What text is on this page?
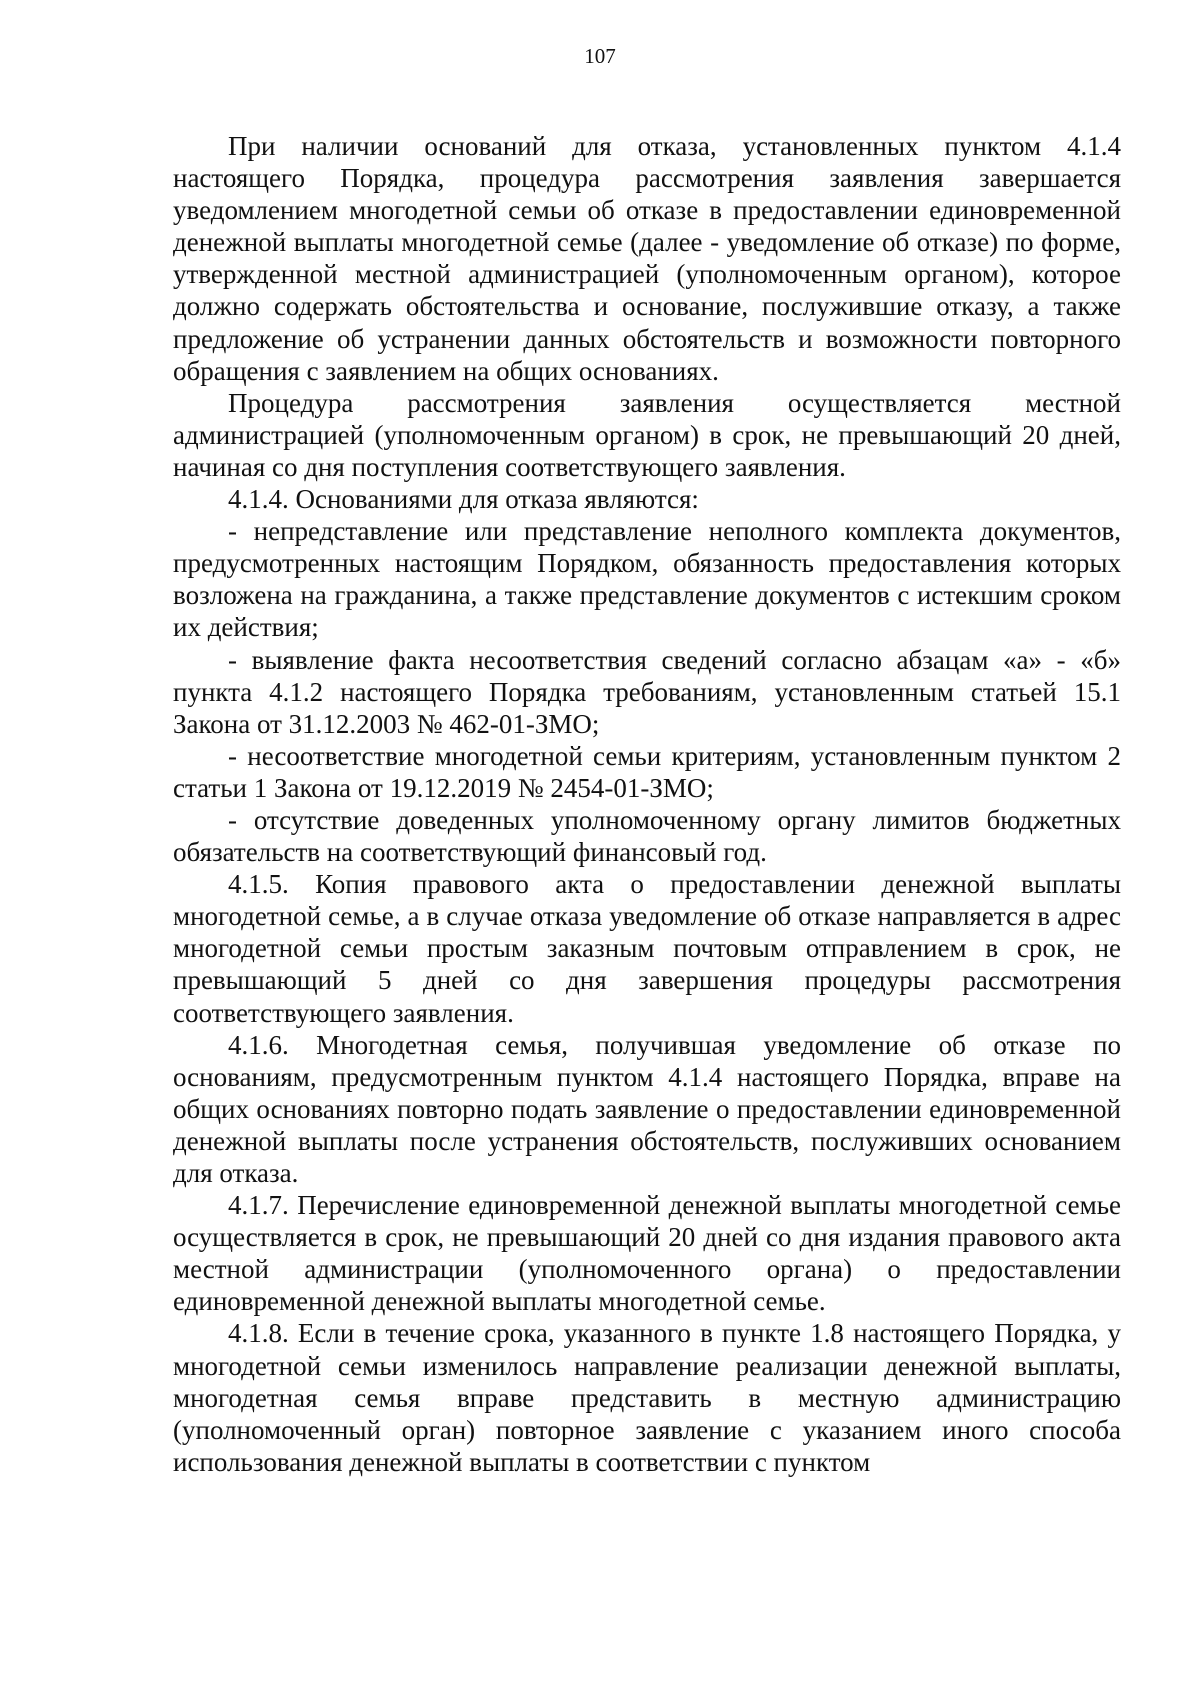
107

При наличии оснований для отказа, установленных пунктом 4.1.4 настоящего Порядка, процедура рассмотрения заявления завершается уведомлением многодетной семьи об отказе в предоставлении единовременной денежной выплаты многодетной семье (далее - уведомление об отказе) по форме, утвержденной местной администрацией (уполномоченным органом), которое должно содержать обстоятельства и основание, послужившие отказу, а также предложение об устранении данных обстоятельств и возможности повторного обращения с заявлением на общих основаниях.

Процедура рассмотрения заявления осуществляется местной администрацией (уполномоченным органом) в срок, не превышающий 20 дней, начиная со дня поступления соответствующего заявления.

4.1.4. Основаниями для отказа являются:

- непредставление или представление неполного комплекта документов, предусмотренных настоящим Порядком, обязанность предоставления которых возложена на гражданина, а также представление документов с истекшим сроком их действия;

- выявление факта несоответствия сведений согласно абзацам «а» - «б» пункта 4.1.2 настоящего Порядка требованиям, установленным статьей 15.1 Закона от 31.12.2003 № 462-01-ЗМО;

- несоответствие многодетной семьи критериям, установленным пунктом 2 статьи 1 Закона от 19.12.2019 № 2454-01-ЗМО;

- отсутствие доведенных уполномоченному органу лимитов бюджетных обязательств на соответствующий финансовый год.

4.1.5. Копия правового акта о предоставлении денежной выплаты многодетной семье, а в случае отказа уведомление об отказе направляется в адрес многодетной семьи простым заказным почтовым отправлением в срок, не превышающий 5 дней со дня завершения процедуры рассмотрения соответствующего заявления.

4.1.6. Многодетная семья, получившая уведомление об отказе по основаниям, предусмотренным пунктом 4.1.4 настоящего Порядка, вправе на общих основаниях повторно подать заявление о предоставлении единовременной денежной выплаты после устранения обстоятельств, послуживших основанием для отказа.

4.1.7. Перечисление единовременной денежной выплаты многодетной семье осуществляется в срок, не превышающий 20 дней со дня издания правового акта местной администрации (уполномоченного органа) о предоставлении единовременной денежной выплаты многодетной семье.

4.1.8. Если в течение срока, указанного в пункте 1.8 настоящего Порядка, у многодетной семьи изменилось направление реализации денежной выплаты, многодетная семья вправе представить в местную администрацию (уполномоченный орган) повторное заявление с указанием иного способа использования денежной выплаты в соответствии с пунктом
